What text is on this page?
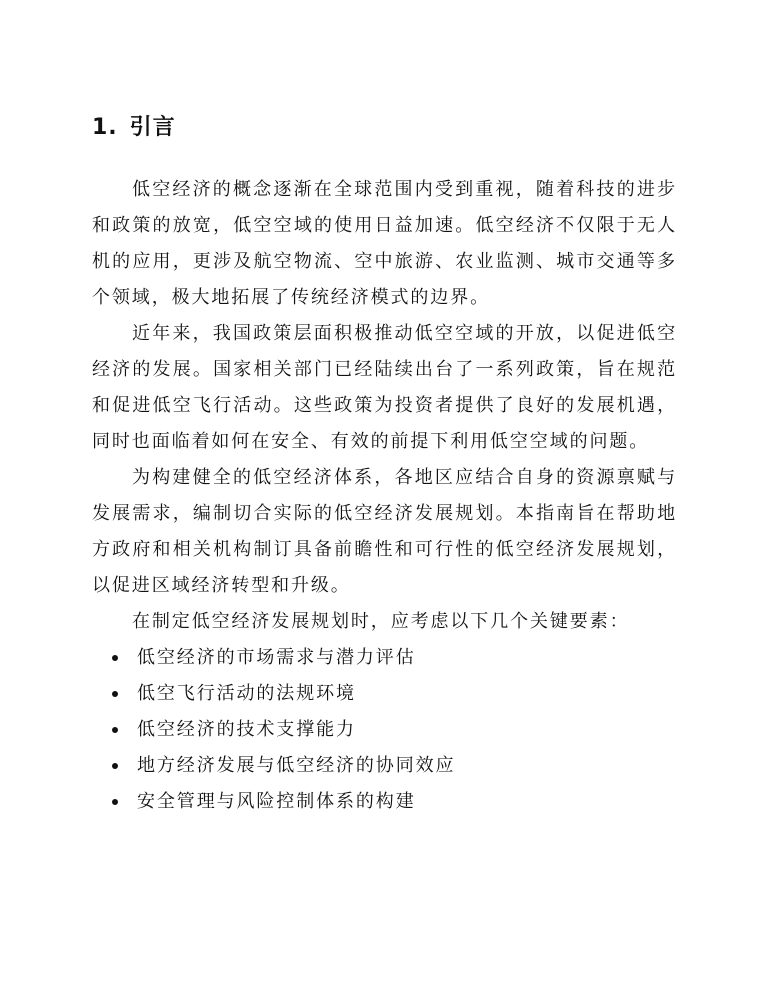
1. 引言

低空经济的概念逐渐在全球范围内受到重视，随着科技的进步和政策的放宽，低空空域的使用日益加速。低空经济不仅限于无人机的应用，更涉及航空物流、空中旅游、农业监测、城市交通等多个领域，极大地拓展了传统经济模式的边界。

近年来，我国政策层面积极推动低空空域的开放，以促进低空经济的发展。国家相关部门已经陆续出台了一系列政策，旨在规范和促进低空飞行活动。这些政策为投资者提供了良好的发展机遇，同时也面临着如何在安全、有效的前提下利用低空空域的问题。

为构建健全的低空经济体系，各地区应结合自身的资源禀赋与发展需求，编制切合实际的低空经济发展规划。本指南旨在帮助地方政府和相关机构制订具备前瞻性和可行性的低空经济发展规划，以促进区域经济转型和升级。

在制定低空经济发展规划时，应考虑以下几个关键要素：

低空经济的市场需求与潜力评估
低空飞行活动的法规环境
低空经济的技术支撑能力
地方经济发展与低空经济的协同效应
安全管理与风险控制体系的构建
